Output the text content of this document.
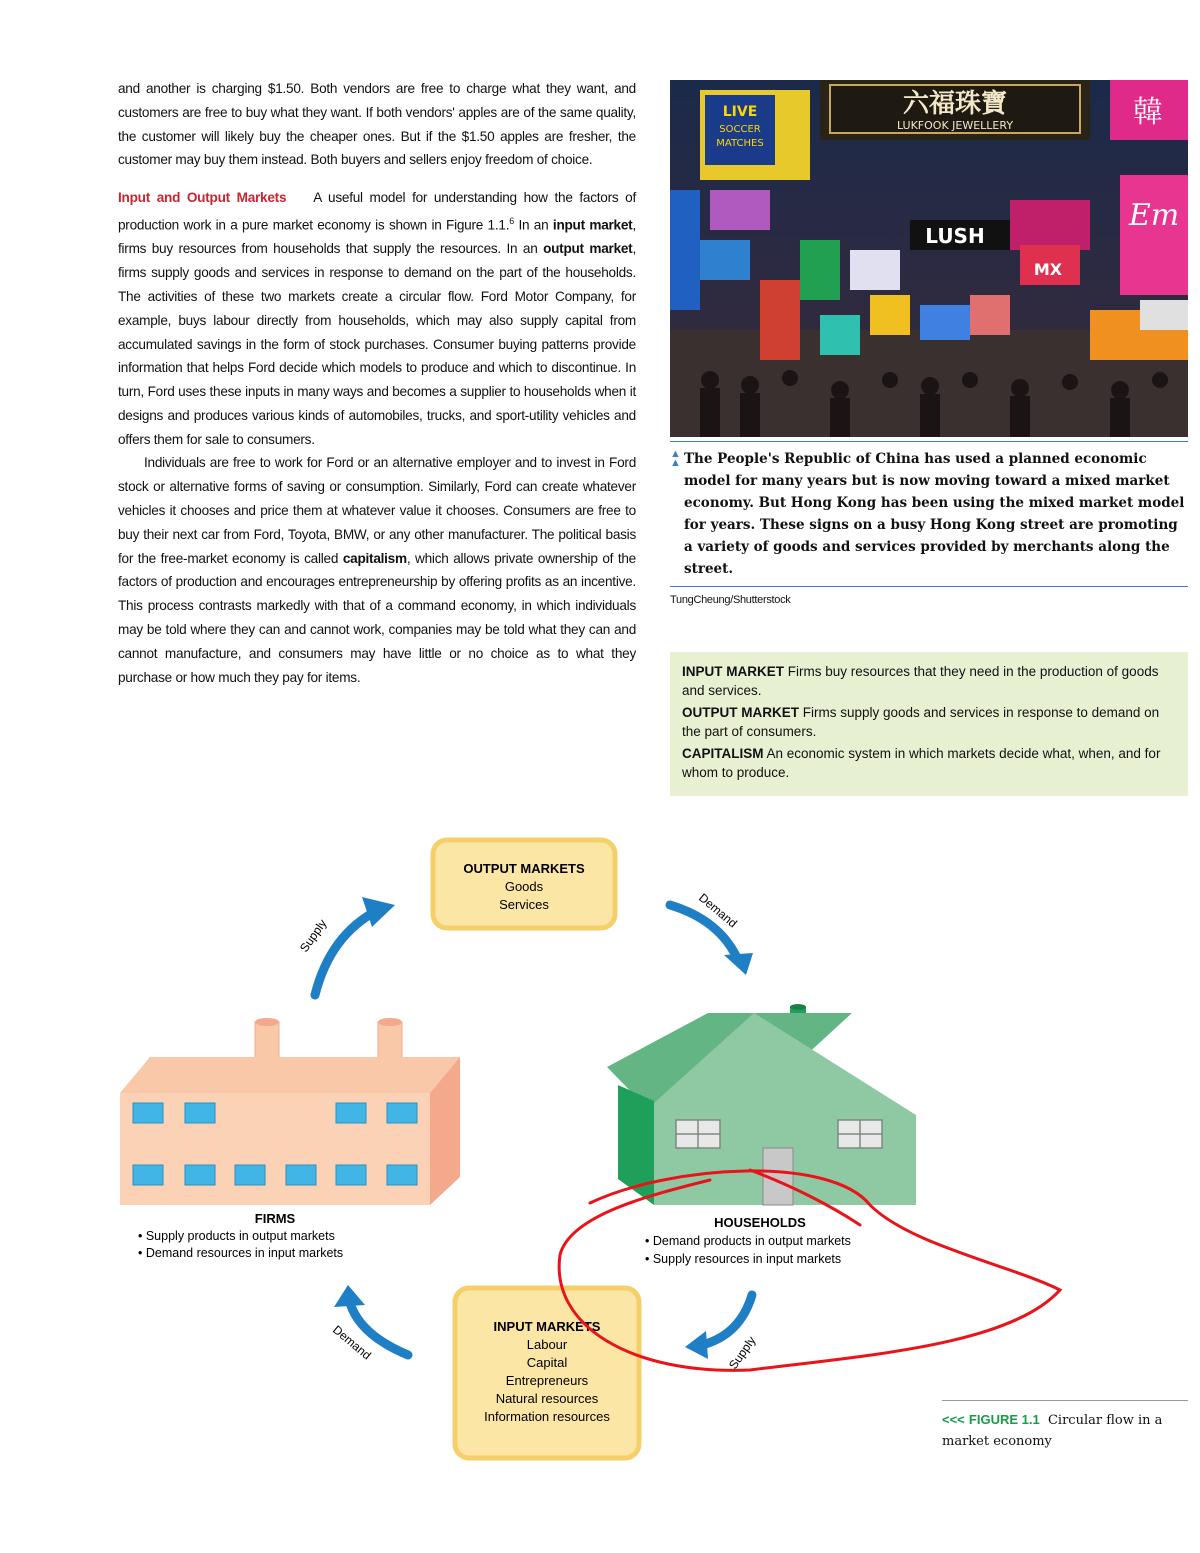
and another is charging $1.50. Both vendors are free to charge what they want, and customers are free to buy what they want. If both vendors' apples are of the same quality, the customer will likely buy the cheaper ones. But if the $1.50 apples are fresher, the customer may buy them instead. Both buyers and sellers enjoy freedom of choice.

Input and Output Markets A useful model for understanding how the factors of production work in a pure market economy is shown in Figure 1.1.$^6$ In an input market, firms buy resources from households that supply the resources. In an output market, firms supply goods and services in response to demand on the part of the households. The activities of these two markets create a circular flow. Ford Motor Company, for example, buys labour directly from households, which may also supply capital from accumulated savings in the form of stock purchases. Consumer buying patterns provide information that helps Ford decide which models to produce and which to discontinue. In turn, Ford uses these inputs in many ways and becomes a supplier to households when it designs and produces various kinds of automobiles, trucks, and sport-utility vehicles and offers them for sale to consumers.

Individuals are free to work for Ford or an alternative employer and to invest in Ford stock or alternative forms of saving or consumption. Similarly, Ford can create whatever vehicles it chooses and price them at whatever value it chooses. Consumers are free to buy their next car from Ford, Toyota, BMW, or any other manufacturer. The political basis for the free-market economy is called capitalism, which allows private ownership of the factors of production and encourages entrepreneurship by offering profits as an incentive. This process contrasts markedly with that of a command economy, in which individuals may be told where they can and cannot work, companies may be told what they can and cannot manufacture, and consumers may have little or no choice as to what they purchase or how much they pay for items.

六福珠寶
LUKFOOK JEWELLERY
LIVE
SOCCER
MATCHES
韓
Em
LUSH
MX
▲
▲ The People's Republic of China has used a planned economic model for many years but is now moving toward a mixed market economy. But Hong Kong has been using the mixed market model for years. These signs on a busy Hong Kong street are promoting a variety of goods and services provided by merchants along the street.
TungCheung/Shutterstock

INPUT MARKET Firms buy resources that they need in the production of goods and services.

OUTPUT MARKET Firms supply goods and services in response to demand on the part of consumers.

CAPITALISM An economic system in which markets decide what, when, and for whom to produce.

OUTPUT MARKETS
Goods
Services
INPUT MARKETS
Labour
Capital
Entrepreneurs
Natural resources
Information resources
Supply
Demand
Supply
Demand
FIRMS
• Supply products in output markets
• Demand resources in input markets
HOUSEHOLDS
• Demand products in output markets
• Supply resources in input markets
<<< FIGURE 1.1 Circular flow in a market economy
